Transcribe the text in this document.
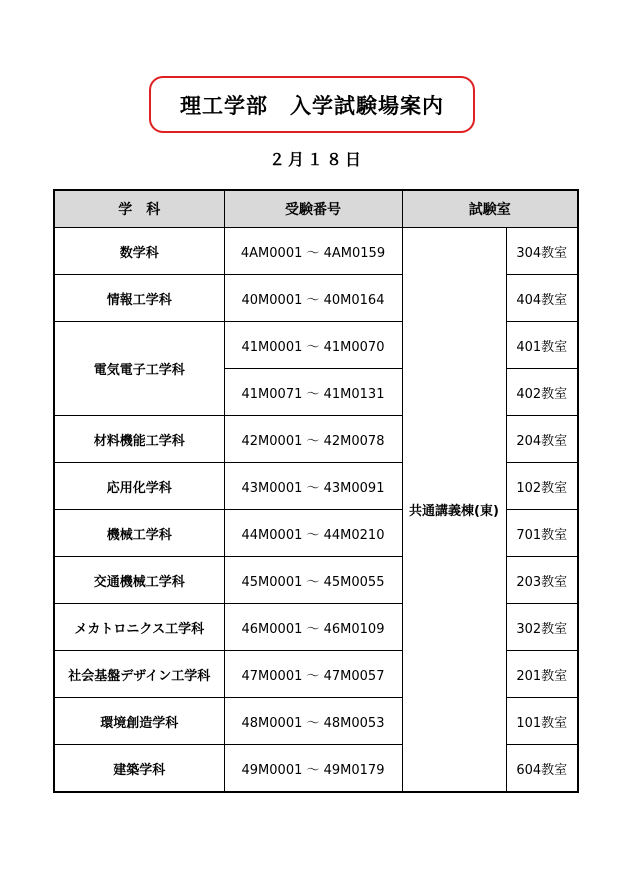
理工学部　入学試験場案内
２月１８日
学　科	受験番号	試験室	
数学科	4AM0001 ～ 4AM0159	共通講義棟(東)	304教室
情報工学科	40M0001 ～ 40M0164		404教室
電気電子工学科	41M0001 ～ 41M0070		401教室
	41M0071 ～ 41M0131		402教室
材料機能工学科	42M0001 ～ 42M0078		204教室
応用化学科	43M0001 ～ 43M0091		102教室
機械工学科	44M0001 ～ 44M0210		701教室
交通機械工学科	45M0001 ～ 45M0055		203教室
メカトロニクス工学科	46M0001 ～ 46M0109		302教室
社会基盤デザイン工学科	47M0001 ～ 47M0057		201教室
環境創造学科	48M0001 ～ 48M0053		101教室
建築学科	49M0001 ～ 49M0179		604教室
